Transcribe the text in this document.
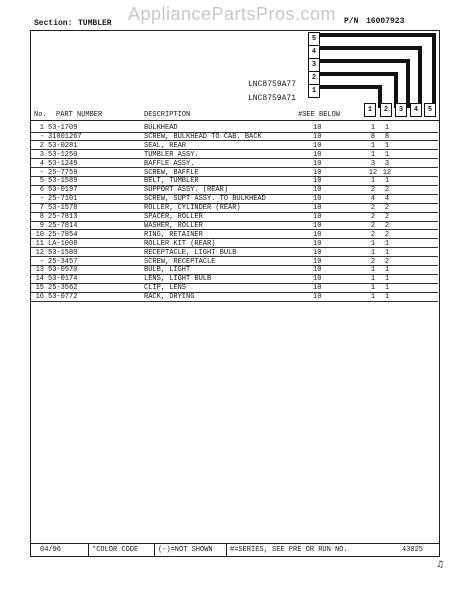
AppliancePartsPros.com
Section: TUMBLER	P/N 16007923
LNC8759A77
LNC8759A71
5
4
3
2
1
1	2	3	4	5
No. PART NUMBER	DESCRIPTION	#SEE BELOW
1 53-1709	BULKHEAD	10	1	1
- 31001267	SCREW, BULKHEAD TO CAB. BACK	10	8	8
2 53-0281	SEAL, REAR	10	1	1
3 53-1250	TUMBLER ASSY.	10	1	1
4 53-1249	BAFFLE ASSY.	10	3	3
- 25-7759	SCREW, BAFFLE	10	12 12
5 53-1589	BELT, TUMBLER	10	1	1
6 53-0197	SUPPORT ASSY. (REAR)	10	2	2
- 25-7101	SCREW, SUPT ASSY. TO BULKHEAD	10	4	4
7 53-1578	ROLLER, CYLINDER (REAR)	10	2	2
8 25-7813	SPACER, ROLLER	10	2	2
9 25-7814	WASHER, ROLLER	10	2	2
10 25-7854	RING, RETAINER	10	2	2
11 LA-1008	ROLLER KIT (REAR)	10	1	1
12 53-1580	RECEPTACLE, LIGHT BULB	10	1	1
- 25-3457	SCREW, RECEPTACLE	10	2	2
13 53-0570	BULB, LIGHT	10	1	1
14 53-0174	LENS, LIGHT BULB	10	1	1
15 25-3562	CLIP, LENS	10	1	1
16 53-0772	RACK, DRYING	10	1	1
04/96	*COLOR CODE	(-)=NOT SHOWN #=SERIES, SEE PRE OR RUN NO.	43025
♫
